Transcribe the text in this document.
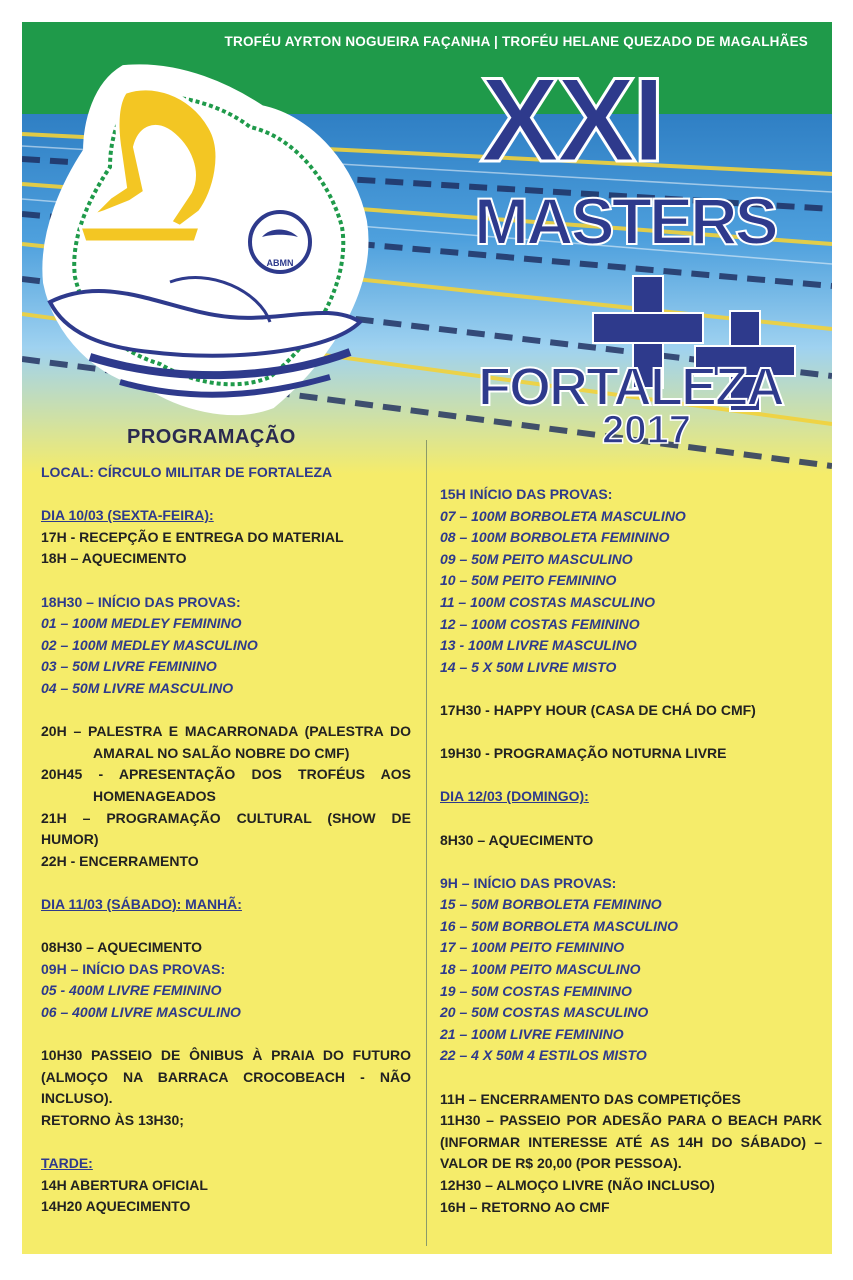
TROFÉU AYRTON NOGUEIRA FAÇANHA | TROFÉU HELANE QUEZADO DE MAGALHÃES
ABMN
XXI
MASTERS
FORTALEZA
2017
PROGRAMAÇÃO
LOCAL: CÍRCULO MILITAR DE FORTALEZA
DIA 10/03 (SEXTA-FEIRA):
17H - RECEPÇÃO E ENTREGA DO MATERIAL
18H – AQUECIMENTO
18H30 – INÍCIO DAS PROVAS:
01 – 100M MEDLEY FEMININO
02 – 100M MEDLEY MASCULINO
03 – 50M LIVRE FEMININO
04 – 50M LIVRE MASCULINO
20H – PALESTRA E MACARRONADA (PALESTRA DO
AMARAL NO SALÃO NOBRE DO CMF)
20H45 - APRESENTAÇÃO DOS TROFÉUS AOS
HOMENAGEADOS
21H – PROGRAMAÇÃO CULTURAL (SHOW DE HUMOR)
22H - ENCERRAMENTO
DIA 11/03 (SÁBADO): MANHÃ:
08H30 – AQUECIMENTO
09H – INÍCIO DAS PROVAS:
05 - 400M LIVRE FEMININO
06 – 400M LIVRE MASCULINO
10H30 PASSEIO DE ÔNIBUS À PRAIA DO FUTURO (ALMOÇO NA BARRACA CROCOBEACH - NÃO INCLUSO).
RETORNO ÀS 13H30;
TARDE:
14H ABERTURA OFICIAL
14H20 AQUECIMENTO
15H INÍCIO DAS PROVAS:
07 – 100M BORBOLETA MASCULINO
08 – 100M BORBOLETA FEMININO
09 – 50M PEITO MASCULINO
10 – 50M PEITO FEMININO
11 – 100M COSTAS MASCULINO
12 – 100M COSTAS FEMININO
13 - 100M LIVRE MASCULINO
14 – 5 X 50M LIVRE MISTO
17H30 - HAPPY HOUR (CASA DE CHÁ DO CMF)
19H30 - PROGRAMAÇÃO NOTURNA LIVRE
DIA 12/03 (DOMINGO):
8H30 – AQUECIMENTO
9H – INÍCIO DAS PROVAS:
15 – 50M BORBOLETA FEMININO
16 – 50M BORBOLETA MASCULINO
17 – 100M PEITO FEMININO
18 – 100M PEITO MASCULINO
19 – 50M COSTAS FEMININO
20 – 50M COSTAS MASCULINO
21 – 100M LIVRE FEMININO
22 – 4 X 50M 4 ESTILOS MISTO
11H – ENCERRAMENTO DAS COMPETIÇÕES
11H30 – PASSEIO POR ADESÃO PARA O BEACH PARK (INFORMAR INTERESSE ATÉ AS 14H DO SÁBADO) – VALOR DE R$ 20,00 (POR PESSOA).
12H30 – ALMOÇO LIVRE (NÃO INCLUSO)
16H – RETORNO AO CMF
